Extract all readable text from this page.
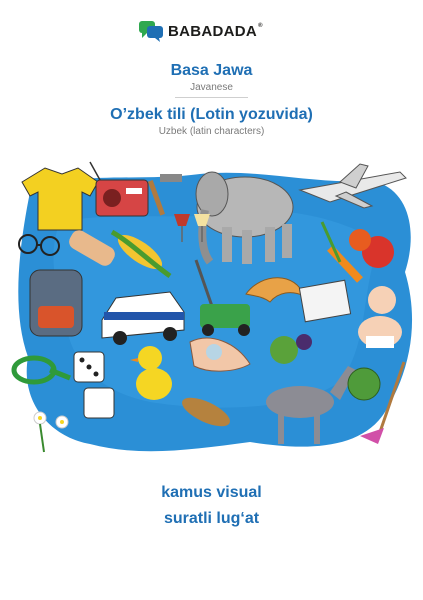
BABADADA®
Basa Jawa
Javanese
O’zbek tili (Lotin yozuvida)
Uzbek (latin characters)
kamus visual
suratli lug‘at
